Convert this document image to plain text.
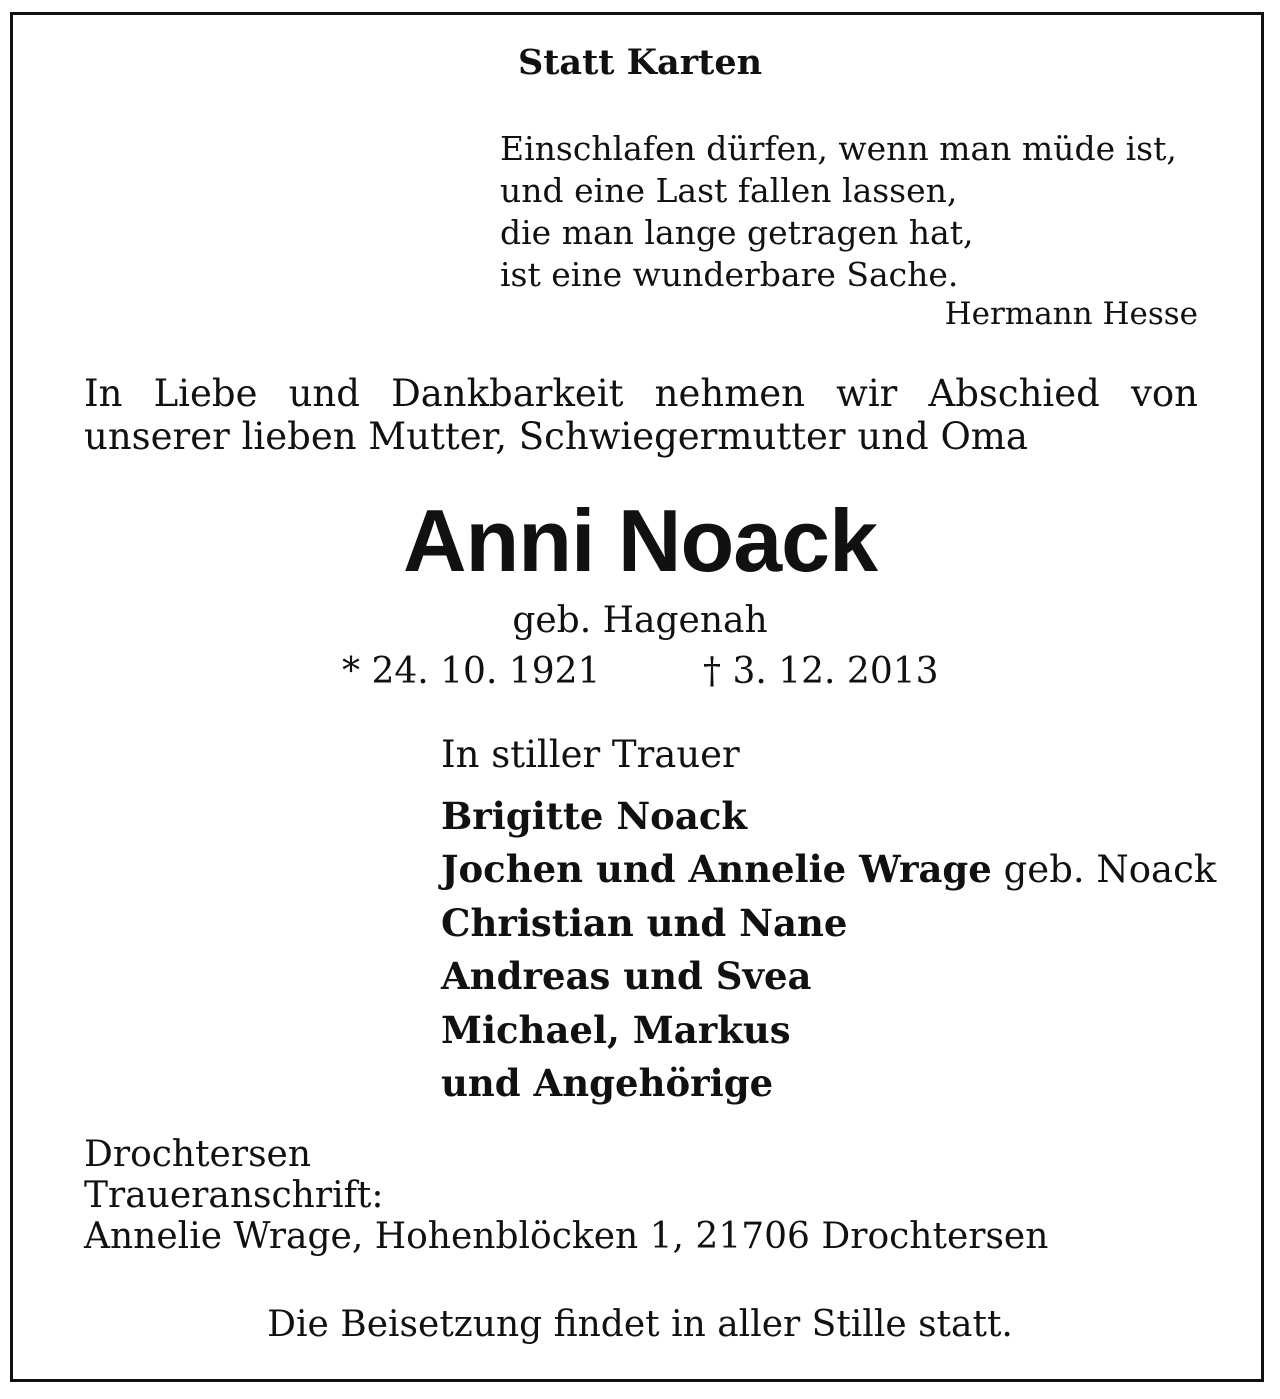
Statt Karten
Einschlafen dürfen, wenn man müde ist,
und eine Last fallen lassen,
die man lange getragen hat,
ist eine wunderbare Sache.
Hermann Hesse
In Liebe und Dankbarkeit nehmen wir Abschied von
unserer lieben Mutter, Schwiegermutter und Oma
Anni Noack
geb. Hagenah
* 24. 10. 1921	† 3. 12. 2013
In stiller Trauer
Brigitte Noack
Jochen und Annelie Wrage geb. Noack
Christian und Nane
Andreas und Svea
Michael, Markus
und Angehörige
Drochtersen
Traueranschrift:
Annelie Wrage, Hohenblöcken 1, 21706 Drochtersen
Die Beisetzung findet in aller Stille statt.
